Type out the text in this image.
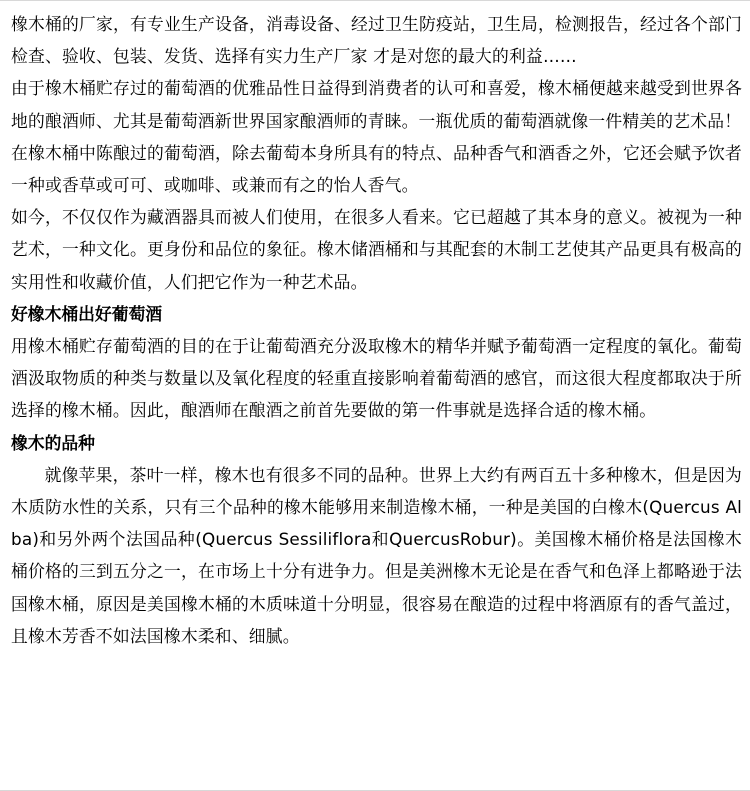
橡木桶的厂家，有专业生产设备，消毒设备、经过卫生防疫站，卫生局，检测报告，经过各个部门检查、验收、包装、发货、选择有实力生产厂家 才是对您的最大的利益……

由于橡木桶贮存过的葡萄酒的优雅品性日益得到消费者的认可和喜爱，橡木桶便越来越受到世界各地的酿酒师、尤其是葡萄酒新世界国家酿酒师的青睐。一瓶优质的葡萄酒就像一件精美的艺术品！

在橡木桶中陈酿过的葡萄酒，除去葡萄本身所具有的特点、品种香气和酒香之外，它还会赋予饮者一种或香草或可可、或咖啡、或兼而有之的怡人香气。

如今，不仅仅作为藏酒器具而被人们使用，在很多人看来。它已超越了其本身的意义。被视为一种艺术，一种文化。更身份和品位的象征。橡木储酒桶和与其配套的木制工艺使其产品更具有极高的实用性和收藏价值，人们把它作为一种艺术品。

好橡木桶出好葡萄酒

用橡木桶贮存葡萄酒的目的在于让葡萄酒充分汲取橡木的精华并赋予葡萄酒一定程度的氧化。葡萄酒汲取物质的种类与数量以及氧化程度的轻重直接影响着葡萄酒的感官，而这很大程度都取决于所选择的橡木桶。因此，酿酒师在酿酒之前首先要做的第一件事就是选择合适的橡木桶。

橡木的品种

就像苹果，茶叶一样，橡木也有很多不同的品种。世界上大约有两百五十多种橡木，但是因为木质防水性的关系，只有三个品种的橡木能够用来制造橡木桶，一种是美国的白橡木(Quercus Alba)和另外两个法国品种(Quercus Sessiliflora和QuercusRobur)。美国橡木桶价格是法国橡木桶价格的三到五分之一，在市场上十分有进争力。但是美洲橡木无论是在香气和色泽上都略逊于法国橡木桶，原因是美国橡木桶的木质味道十分明显，很容易在酿造的过程中将酒原有的香气盖过，且橡木芳香不如法国橡木柔和、细腻。
